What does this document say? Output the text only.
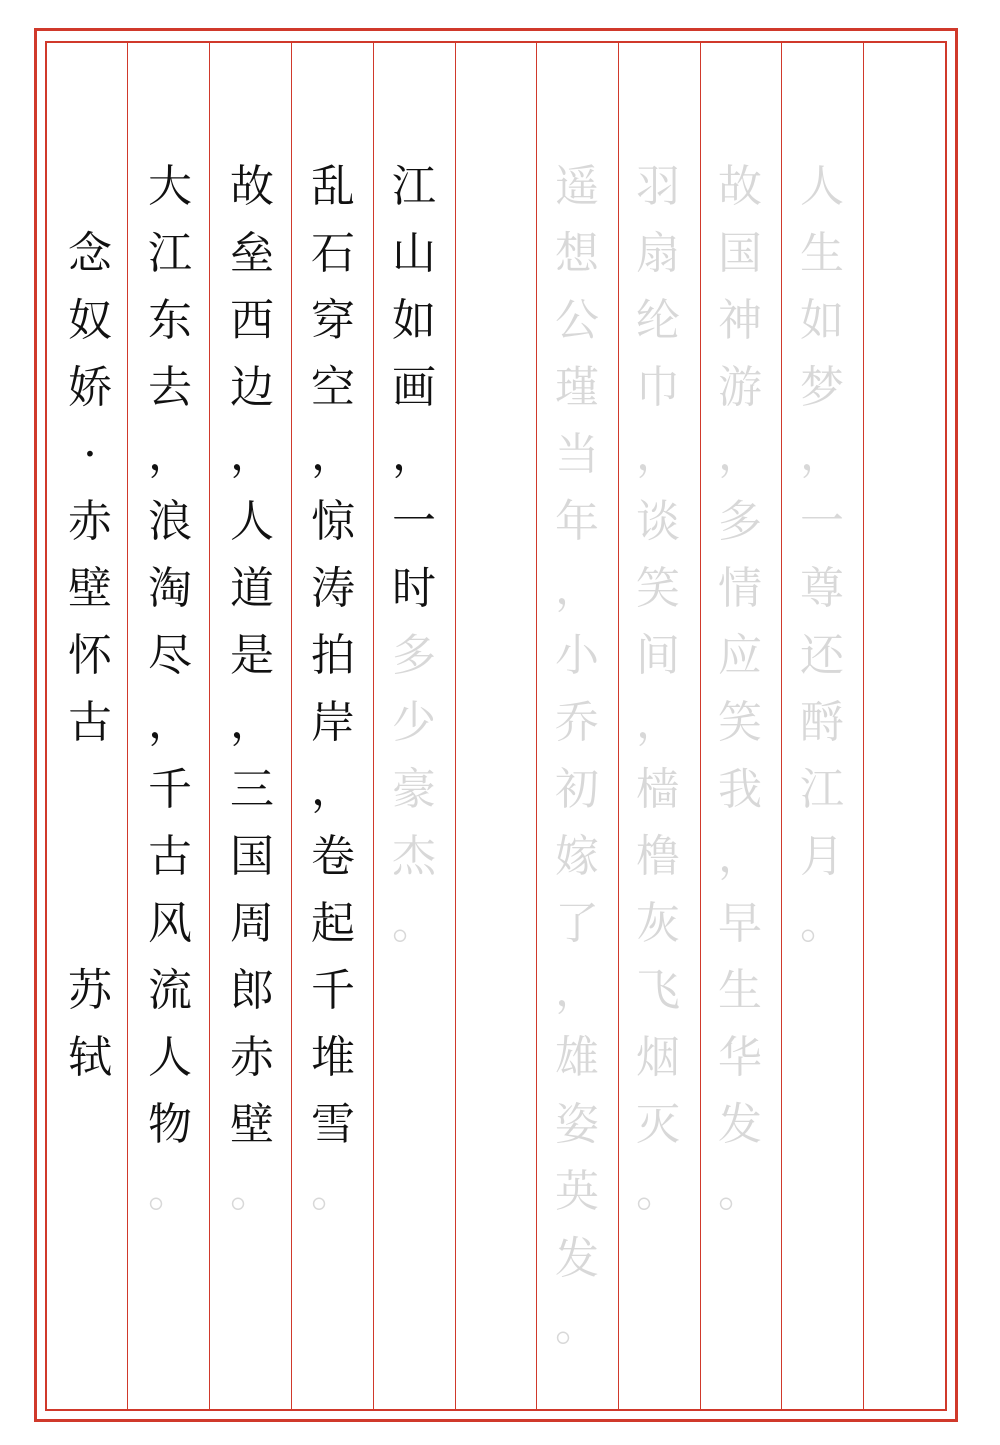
念
奴
娇
·
赤
壁
怀
古
苏
轼
大
江
东
去
，
浪
淘
尽
，
千
古
风
流
人
物
。
故
垒
西
边
，
人
道
是
，
三
国
周
郎
赤
壁
。
乱
石
穿
空
，
惊
涛
拍
岸
，
卷
起
千
堆
雪
。
江
山
如
画
，
一
时
多
少
豪
杰
。
遥
想
公
瑾
当
年
，
小
乔
初
嫁
了
，
雄
姿
英
发
。
羽
扇
纶
巾
，
谈
笑
间
，
樯
橹
灰
飞
烟
灭
。
故
国
神
游
，
多
情
应
笑
我
，
早
生
华
发
。
人
生
如
梦
，
一
尊
还
酹
江
月
。
